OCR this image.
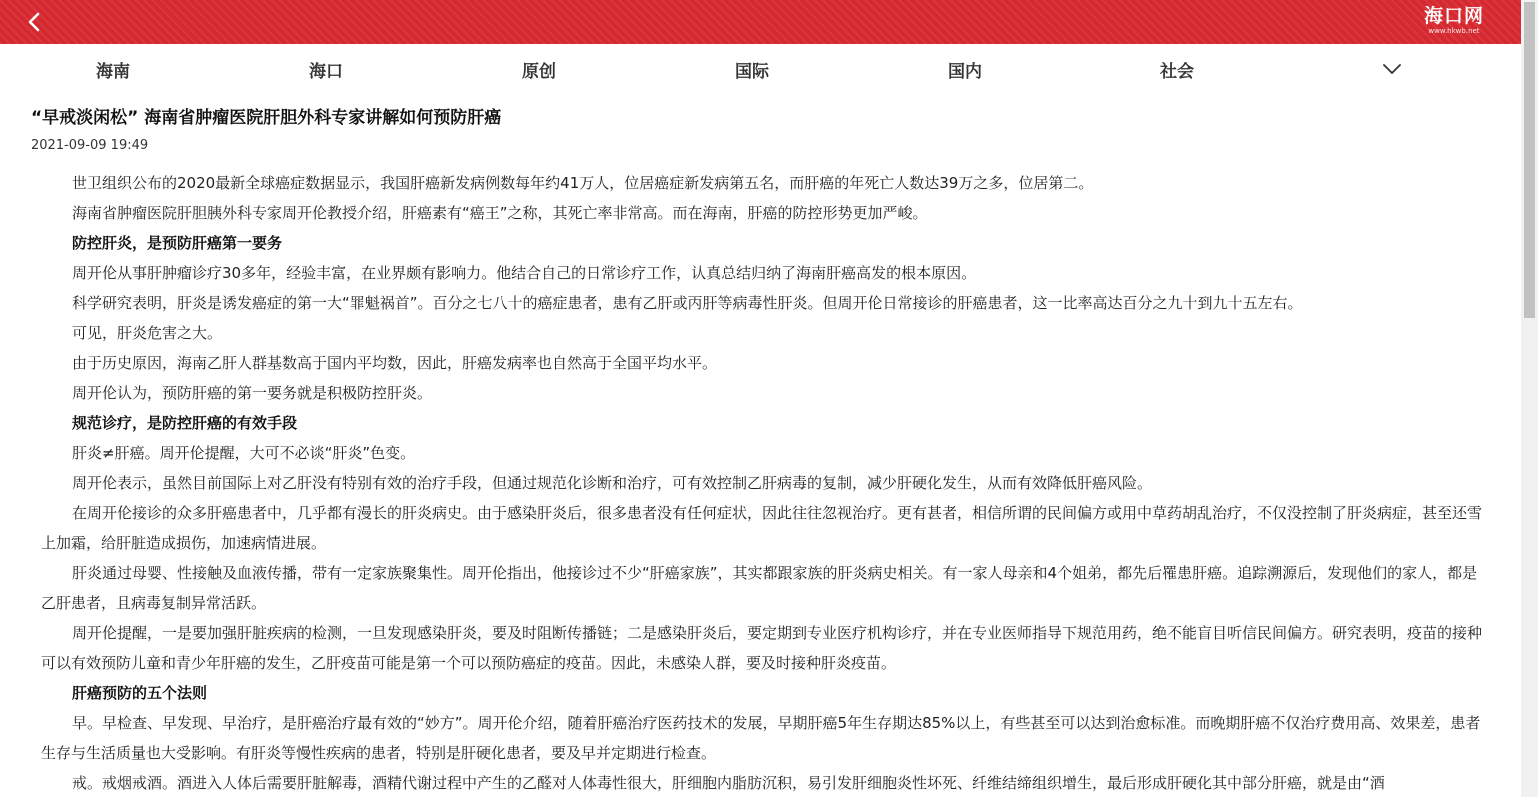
海口网
www.hkwb.net
海南	海口	原创	国际	国内	社会
“早戒淡闲松” 海南省肿瘤医院肝胆外科专家讲解如何预防肝癌
2021-09-09 19:49

世卫组织公布的2020最新全球癌症数据显示，我国肝癌新发病例数每年约41万人，位居癌症新发病第五名，而肝癌的年死亡人数达39万之多，位居第二。

海南省肿瘤医院肝胆胰外科专家周开伦教授介绍，肝癌素有“癌王”之称，其死亡率非常高。而在海南，肝癌的防控形势更加严峻。

防控肝炎，是预防肝癌第一要务

周开伦从事肝肿瘤诊疗30多年，经验丰富，在业界颇有影响力。他结合自己的日常诊疗工作，认真总结归纳了海南肝癌高发的根本原因。

科学研究表明，肝炎是诱发癌症的第一大“罪魁祸首”。百分之七八十的癌症患者，患有乙肝或丙肝等病毒性肝炎。但周开伦日常接诊的肝癌患者，这一比率高达百分之九十到九十五左右。

可见，肝炎危害之大。

由于历史原因，海南乙肝人群基数高于国内平均数，因此，肝癌发病率也自然高于全国平均水平。

周开伦认为，预防肝癌的第一要务就是积极防控肝炎。

规范诊疗，是防控肝癌的有效手段

肝炎≠肝癌。周开伦提醒，大可不必谈“肝炎”色变。

周开伦表示，虽然目前国际上对乙肝没有特别有效的治疗手段，但通过规范化诊断和治疗，可有效控制乙肝病毒的复制，减少肝硬化发生，从而有效降低肝癌风险。

在周开伦接诊的众多肝癌患者中，几乎都有漫长的肝炎病史。由于感染肝炎后，很多患者没有任何症状，因此往往忽视治疗。更有甚者，相信所谓的民间偏方或用中草药胡乱治疗，不仅没控制了肝炎病症，甚至还雪上加霜，给肝脏造成损伤，加速病情进展。

肝炎通过母婴、性接触及血液传播，带有一定家族聚集性。周开伦指出，他接诊过不少“肝癌家族”，其实都跟家族的肝炎病史相关。有一家人母亲和4个姐弟，都先后罹患肝癌。追踪溯源后，发现他们的家人，都是乙肝患者，且病毒复制异常活跃。

周开伦提醒，一是要加强肝脏疾病的检测，一旦发现感染肝炎，要及时阻断传播链；二是感染肝炎后，要定期到专业医疗机构诊疗，并在专业医师指导下规范用药，绝不能盲目听信民间偏方。研究表明，疫苗的接种可以有效预防儿童和青少年肝癌的发生，乙肝疫苗可能是第一个可以预防癌症的疫苗。因此，未感染人群，要及时接种肝炎疫苗。

肝癌预防的五个法则

早。早检查、早发现、早治疗，是肝癌治疗最有效的“妙方”。周开伦介绍，随着肝癌治疗医药技术的发展，早期肝癌5年生存期达85%以上，有些甚至可以达到治愈标准。而晚期肝癌不仅治疗费用高、效果差，患者生存与生活质量也大受影响。有肝炎等慢性疾病的患者，特别是肝硬化患者，要及早并定期进行检查。

戒。戒烟戒酒。酒进入人体后需要肝脏解毒，酒精代谢过程中产生的乙醛对人体毒性很大，肝细胞内脂肪沉积，易引发肝细胞炎性坏死、纤维结缔组织增生，最后形成肝硬化其中部分肝癌，就是由“酒
